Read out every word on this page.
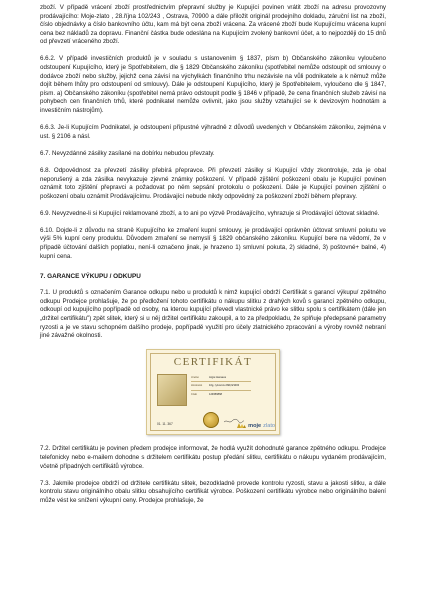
zboží. V případě vrácení zboží prostřednictvím přepravní služby je Kupující povinen vrátit zboží na adresu provozovny prodávajícího: Moje-zlato , 28.října 102/243 , Ostrava, 70900 a dále přiložit originál prodejního dokladu, záruční list na zboží, číslo objednávky a číslo bankovního účtu, kam má být cena zboží vrácena. Za vrácené zboží bude Kupujícímu vrácena kupní cena bez nákladů za dopravu. Finanční částka bude odeslána na Kupujícím zvolený bankovní účet, a to nejpozději do 15 dnů od převzetí vráceného zboží.

6.6.2. V případě investičních produktů je v souladu s ustanovením § 1837, písm b) Občanského zákoníku vyloučeno odstoupení Kupujícího, který je Spotřebitelem, dle § 1829 Občanského zákoníku (spotřebitel nemůže odstoupit od smlouvy o dodávce zboží nebo služby, jejichž cena závisí na výchylkách finančního trhu nezávisle na vůli podnikatele a k němuž může dojít během lhůty pro odstoupení od smlouvy). Dále je odstoupení Kupujícího, který je Spotřebitelem, vyloučeno dle § 1847, písm. a) Občanského zákoníku (spotřebitel nemá právo odstoupit podle § 1846 v případě, že cena finančních služeb závisí na pohybech cen finančních trhů, které podnikatel nemůže ovlivnit, jako jsou služby vztahující se k devizovým hodnotám a investičním nástrojům).

6.6.3. Je-li Kupujícím Podnikatel, je odstoupení přípustné výhradně z důvodů uvedených v Občanském zákoníku, zejména v ust. § 2106 a násl.

6.7. Nevyzdánné zásilky zasílané na dobírku nebudou převzaty.

6.8. Odpovědnost za převzetí zásilky přebírá přepravce. Při převzetí zásilky si Kupující vždy zkontroluje, zda je obal neporušený a zda zásilka nevykazuje zjevné známky poškození. V případě zjištění poškození obalu je Kupující povinen oznámit toto zjištění přepravci a požadovat po něm sepsání protokolu o poškození. Dále je Kupující povinen zjištění o poškození obalu oznámit Prodávajícímu. Prodávající nebude nikdy odpovědný za poškození zboží během přepravy.

6.9. Nevyzvedne-li si Kupující reklamované zboží, a to ani po výzvě Prodávajícího, vyhrazuje si Prodávající účtovat skladné.

6.10. Dojde-li z důvodu na straně Kupujícího ke zmaření kupní smlouvy, je prodávající oprávněn účtovat smluvní pokutu ve výši 5% kupní ceny produktu. Důvodem zmaření se nemyslí § 1829 občanského zákoníku. Kupující bere na vědomí, že v případě účtování dalších poplatku, není-li označeno jinak, je hrazeno 1) smluvní pokuta, 2) skladné, 3) poštovné+ balné, 4) kupní cena.

7. GARANCE VÝKUPU / ODKUPU

7.1. U produktů s označením Garance odkupu nebo u produktů k nimž kupující obdrží Certifikát s garancí výkupu/ zpětného odkupu Prodejce prohlašuje, že po předložení tohoto certifikátu o nákupu slitku z drahých kovů s garancí zpětného odkupu, odkoupí od kupujícího popřípadě od osoby, na kterou kupující převedl vlastnické právo ke slitku spolu s certifikátem (dále jen „držitel certifikátu") zpět slitek, který si u něj držitel certifikátu zakoupil, a to za předpokladu, že splňuje předepsané parametry ryzosti a je ve stavu schopném dalšího prodeje, popřípadě využití pro účely zlatnického zpracování a výroby rovněž nebraní jiné závažné okolnosti.

CERTIFIKÁT
Jméno	Argor-Heraeus
Hmotnost	10g, ryzost Au 999,9/1000
Číslo	129356868
01. 11. 367	moje zlato

7.2. Držitel certifikátu je povinen předem prodejce informovat, že hodlá využít dohodnuté garance zpětného odkupu. Prodejce telefonicky nebo e-mailem dohodne s držitelem certifikátu postup předání slitku, certifikátu o nákupu vydaném prodávajícím, včetně případných certifikátů výrobce.

7.3. Jakmile prodejce obdrží od držitele certifikátu slitek, bezodkladně provede kontrolu ryzosti, stavu a jakosti slitku, a dále kontrolu stavu originálního obalu slitku obsahujícího certifikát výrobce. Poškození certifikátu výrobce nebo originálního balení může vést ke snížení výkupní ceny. Prodejce prohlašuje, že
